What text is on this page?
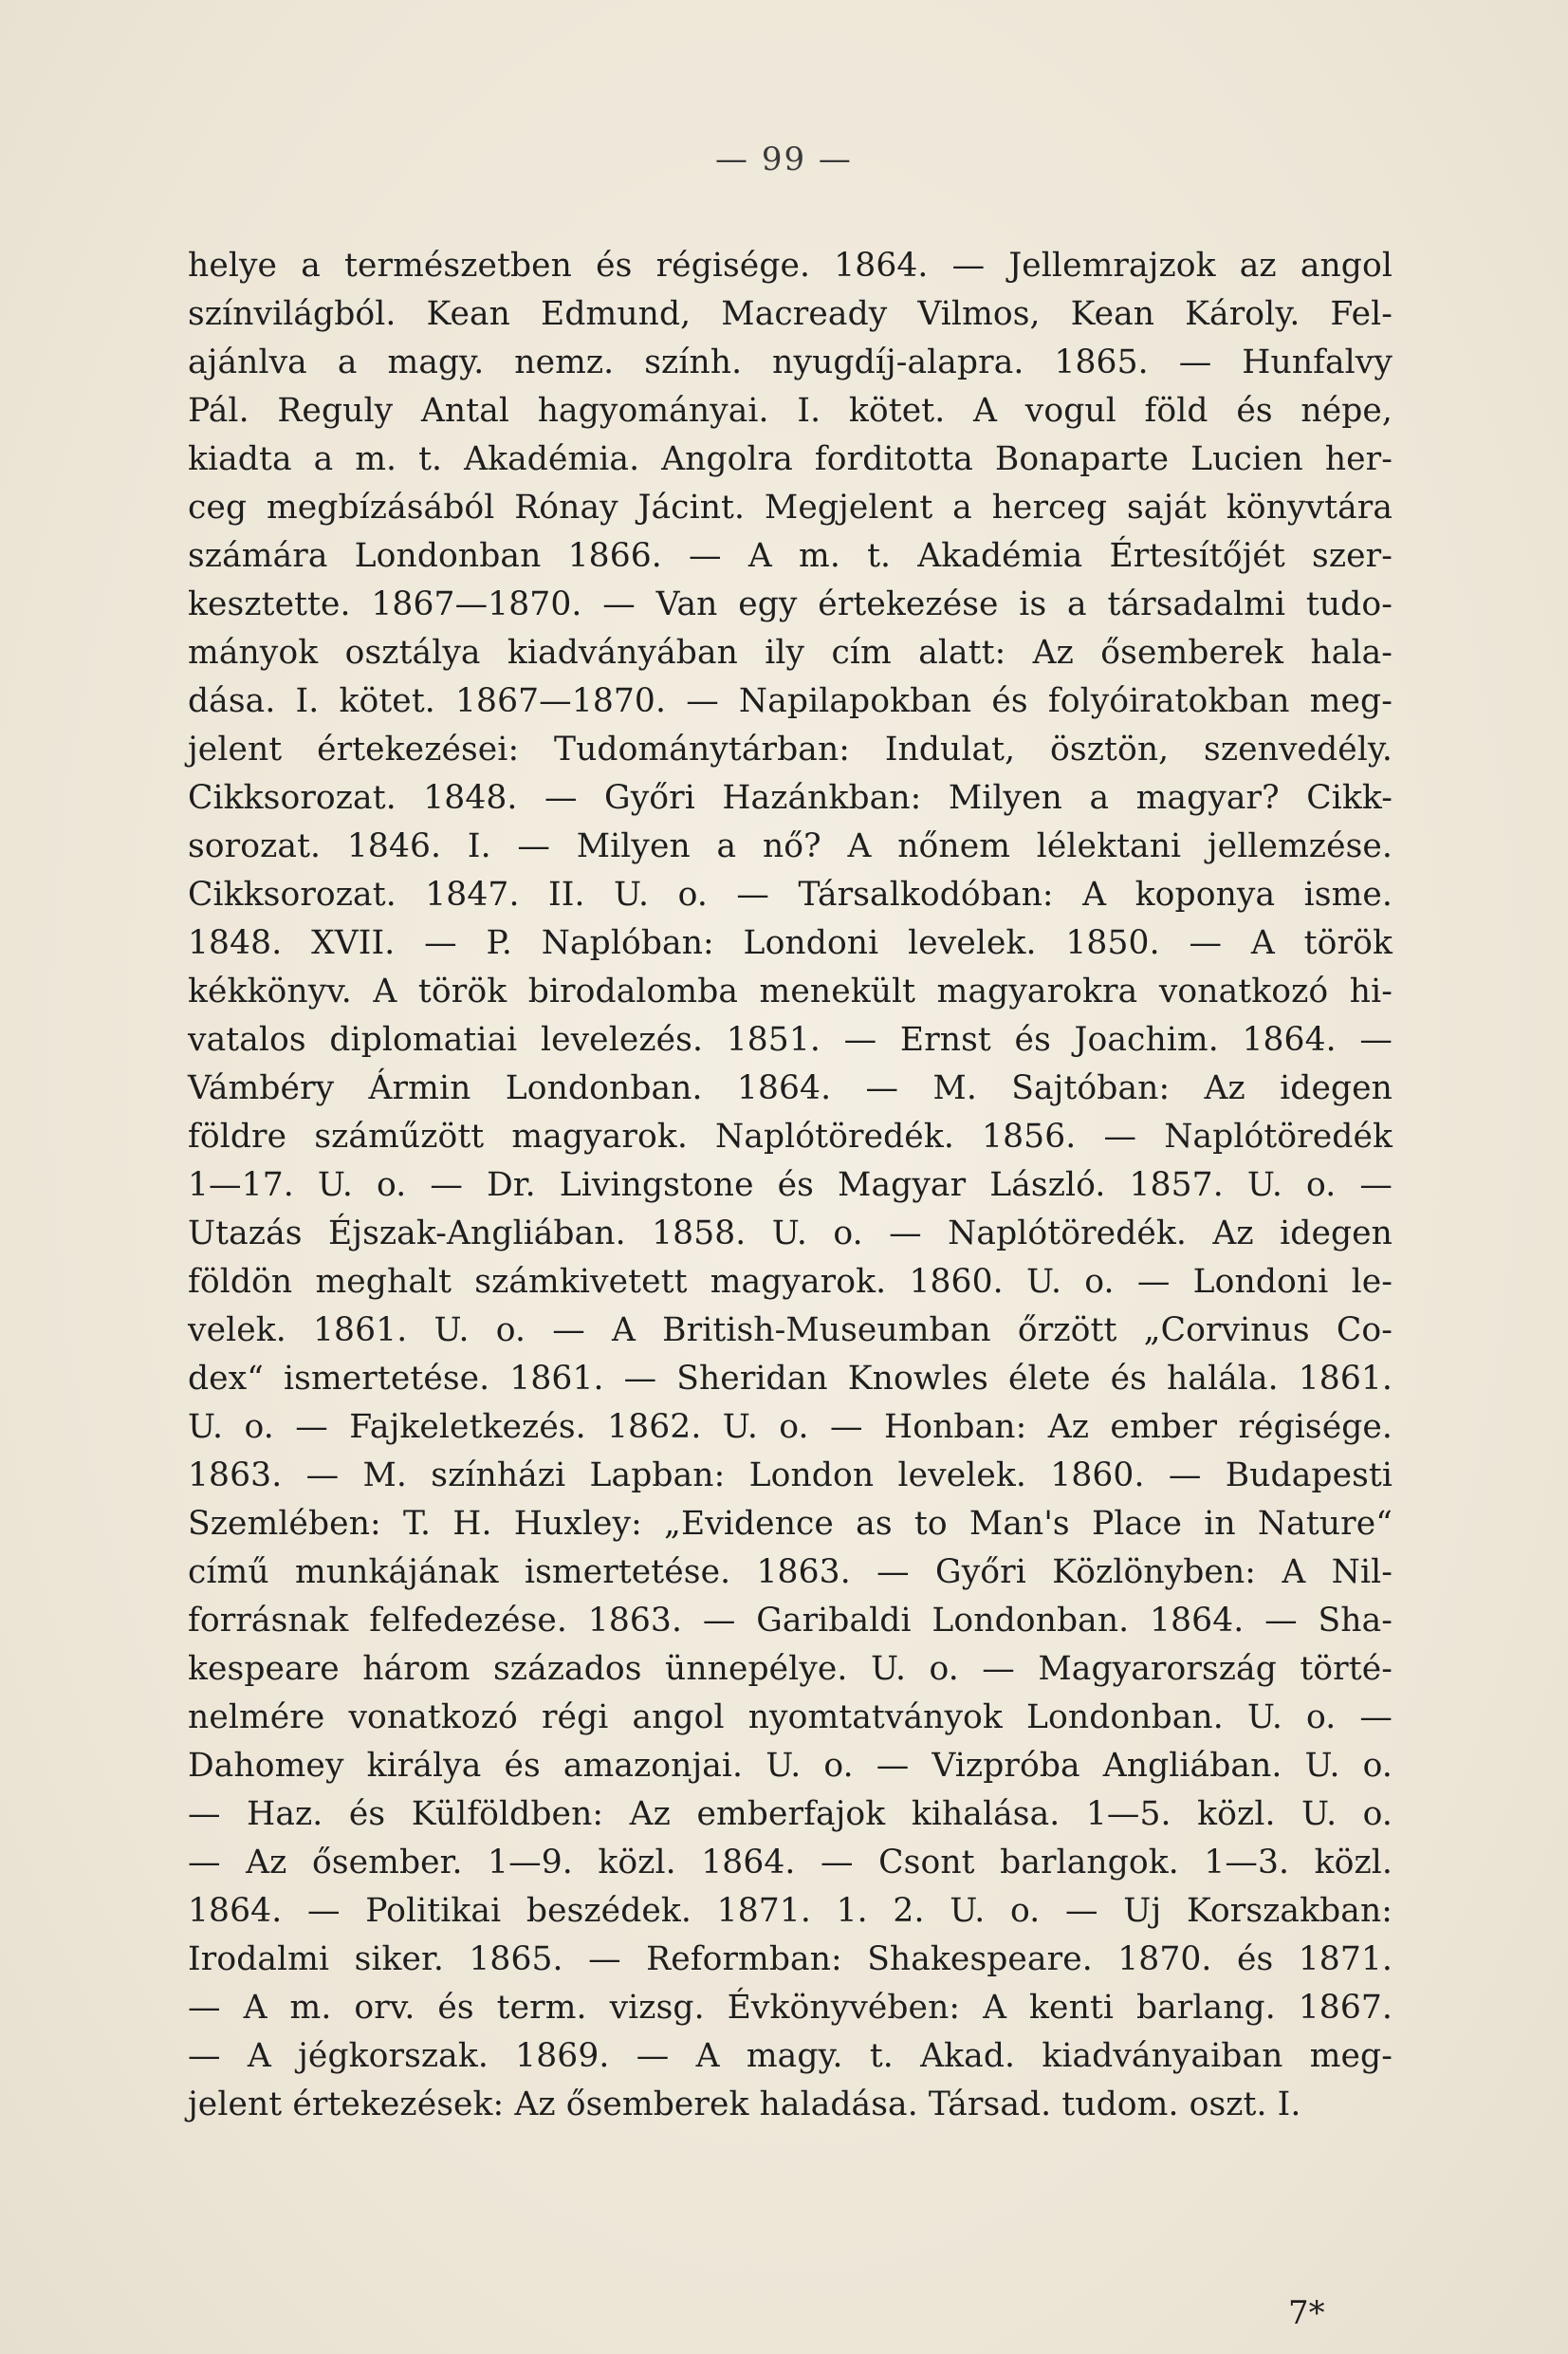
— 99 —
helye a természetben és régisége. 1864. — Jellemrajzok az angol
színvilágból. Kean Edmund, Macready Vilmos, Kean Károly. Fel-
ajánlva a magy. nemz. szính. nyugdíj-alapra. 1865. — Hunfalvy
Pál. Reguly Antal hagyományai. I. kötet. A vogul föld és népe,
kiadta a m. t. Akadémia. Angolra forditotta Bonaparte Lucien her-
ceg megbízásából Rónay Jácint. Megjelent a herceg saját könyvtára
számára Londonban 1866. — A m. t. Akadémia Értesítőjét szer-
kesztette. 1867—1870. — Van egy értekezése is a társadalmi tudo-
mányok osztálya kiadványában ily cím alatt: Az ősemberek hala-
dása. I. kötet. 1867—1870. — Napilapokban és folyóiratokban meg-
jelent értekezései: Tudománytárban: Indulat, ösztön, szenvedély.
Cikksorozat. 1848. — Győri Hazánkban: Milyen a magyar? Cikk-
sorozat. 1846. I. — Milyen a nő? A nőnem lélektani jellemzése.
Cikksorozat. 1847. II. U. o. — Társalkodóban: A koponya isme.
1848. XVII. — P. Naplóban: Londoni levelek. 1850. — A török
kékkönyv. A török birodalomba menekült magyarokra vonatkozó hi-
vatalos diplomatiai levelezés. 1851. — Ernst és Joachim. 1864. —
Vámbéry Ármin Londonban. 1864. — M. Sajtóban: Az idegen
földre száműzött magyarok. Naplótöredék. 1856. — Naplótöredék
1—17. U. o. — Dr. Livingstone és Magyar László. 1857. U. o. —
Utazás Éjszak-Angliában. 1858. U. o. — Naplótöredék. Az idegen
földön meghalt számkivetett magyarok. 1860. U. o. — Londoni le-
velek. 1861. U. o. — A British-Museumban őrzött „Corvinus Co-
dex“ ismertetése. 1861. — Sheridan Knowles élete és halála. 1861.
U. o. — Fajkeletkezés. 1862. U. o. — Honban: Az ember régisége.
1863. — M. színházi Lapban: London levelek. 1860. — Budapesti
Szemlében: T. H. Huxley: „Evidence as to Man's Place in Nature“
című munkájának ismertetése. 1863. — Győri Közlönyben: A Nil-
forrásnak felfedezése. 1863. — Garibaldi Londonban. 1864. — Sha-
kespeare három százados ünnepélye. U. o. — Magyarország törté-
nelmére vonatkozó régi angol nyomtatványok Londonban. U. o. —
Dahomey királya és amazonjai. U. o. — Vizpróba Angliában. U. o.
— Haz. és Külföldben: Az emberfajok kihalása. 1—5. közl. U. o.
— Az ősember. 1—9. közl. 1864. — Csont barlangok. 1—3. közl.
1864. — Politikai beszédek. 1871. 1. 2. U. o. — Uj Korszakban:
Irodalmi siker. 1865. — Reformban: Shakespeare. 1870. és 1871.
— A m. orv. és term. vizsg. Évkönyvében: A kenti barlang. 1867.
— A jégkorszak. 1869. — A magy. t. Akad. kiadványaiban meg-
jelent értekezések: Az ősemberek haladása. Társad. tudom. oszt. I.
7*
